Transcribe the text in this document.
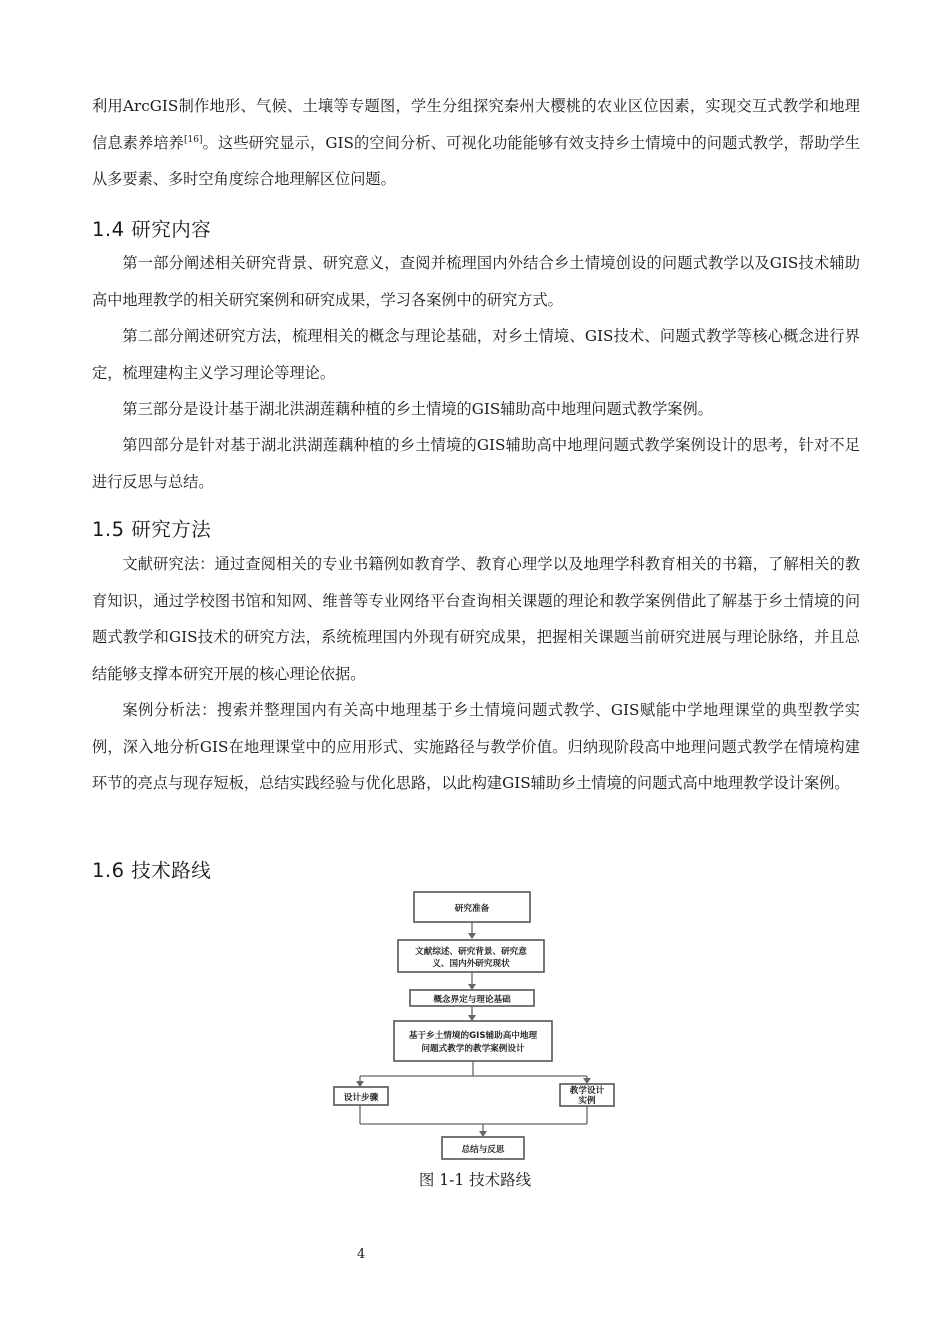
利用ArcGIS制作地形、气候、土壤等专题图，学生分组探究秦州大樱桃的农业区位因素，实现交互式教学和地理信息素养培养[16]。这些研究显示，GIS的空间分析、可视化功能能够有效支持乡土情境中的问题式教学，帮助学生从多要素、多时空角度综合地理解区位问题。

1.4 研究内容

第一部分阐述相关研究背景、研究意义，查阅并梳理国内外结合乡土情境创设的问题式教学以及GIS技术辅助高中地理教学的相关研究案例和研究成果，学习各案例中的研究方式。

第二部分阐述研究方法，梳理相关的概念与理论基础，对乡土情境、GIS技术、问题式教学等核心概念进行界定，梳理建构主义学习理论等理论。

第三部分是设计基于湖北洪湖莲藕种植的乡土情境的GIS辅助高中地理问题式教学案例。

第四部分是针对基于湖北洪湖莲藕种植的乡土情境的GIS辅助高中地理问题式教学案例设计的思考，针对不足进行反思与总结。

1.5 研究方法

文献研究法：通过查阅相关的专业书籍例如教育学、教育心理学以及地理学科教育相关的书籍，了解相关的教育知识，通过学校图书馆和知网、维普等专业网络平台查询相关课题的理论和教学案例借此了解基于乡土情境的问题式教学和GIS技术的研究方法，系统梳理国内外现有研究成果，把握相关课题当前研究进展与理论脉络，并且总结能够支撑本研究开展的核心理论依据。

案例分析法：搜索并整理国内有关高中地理基于乡土情境问题式教学、GIS赋能中学地理课堂的典型教学实例，深入地分析GIS在地理课堂中的应用形式、实施路径与教学价值。归纳现阶段高中地理问题式教学在情境构建环节的亮点与现存短板，总结实践经验与优化思路，以此构建GIS辅助乡土情境的问题式高中地理教学设计案例。

1.6 技术路线
研究准备
文献综述、研究背景、研究意
义、国内外研究现状
概念界定与理论基础
基于乡土情境的GIS辅助高中地理
问题式教学的教学案例设计
设计步骤
教学设计
实例
总结与反思
图 1-1 技术路线
4
